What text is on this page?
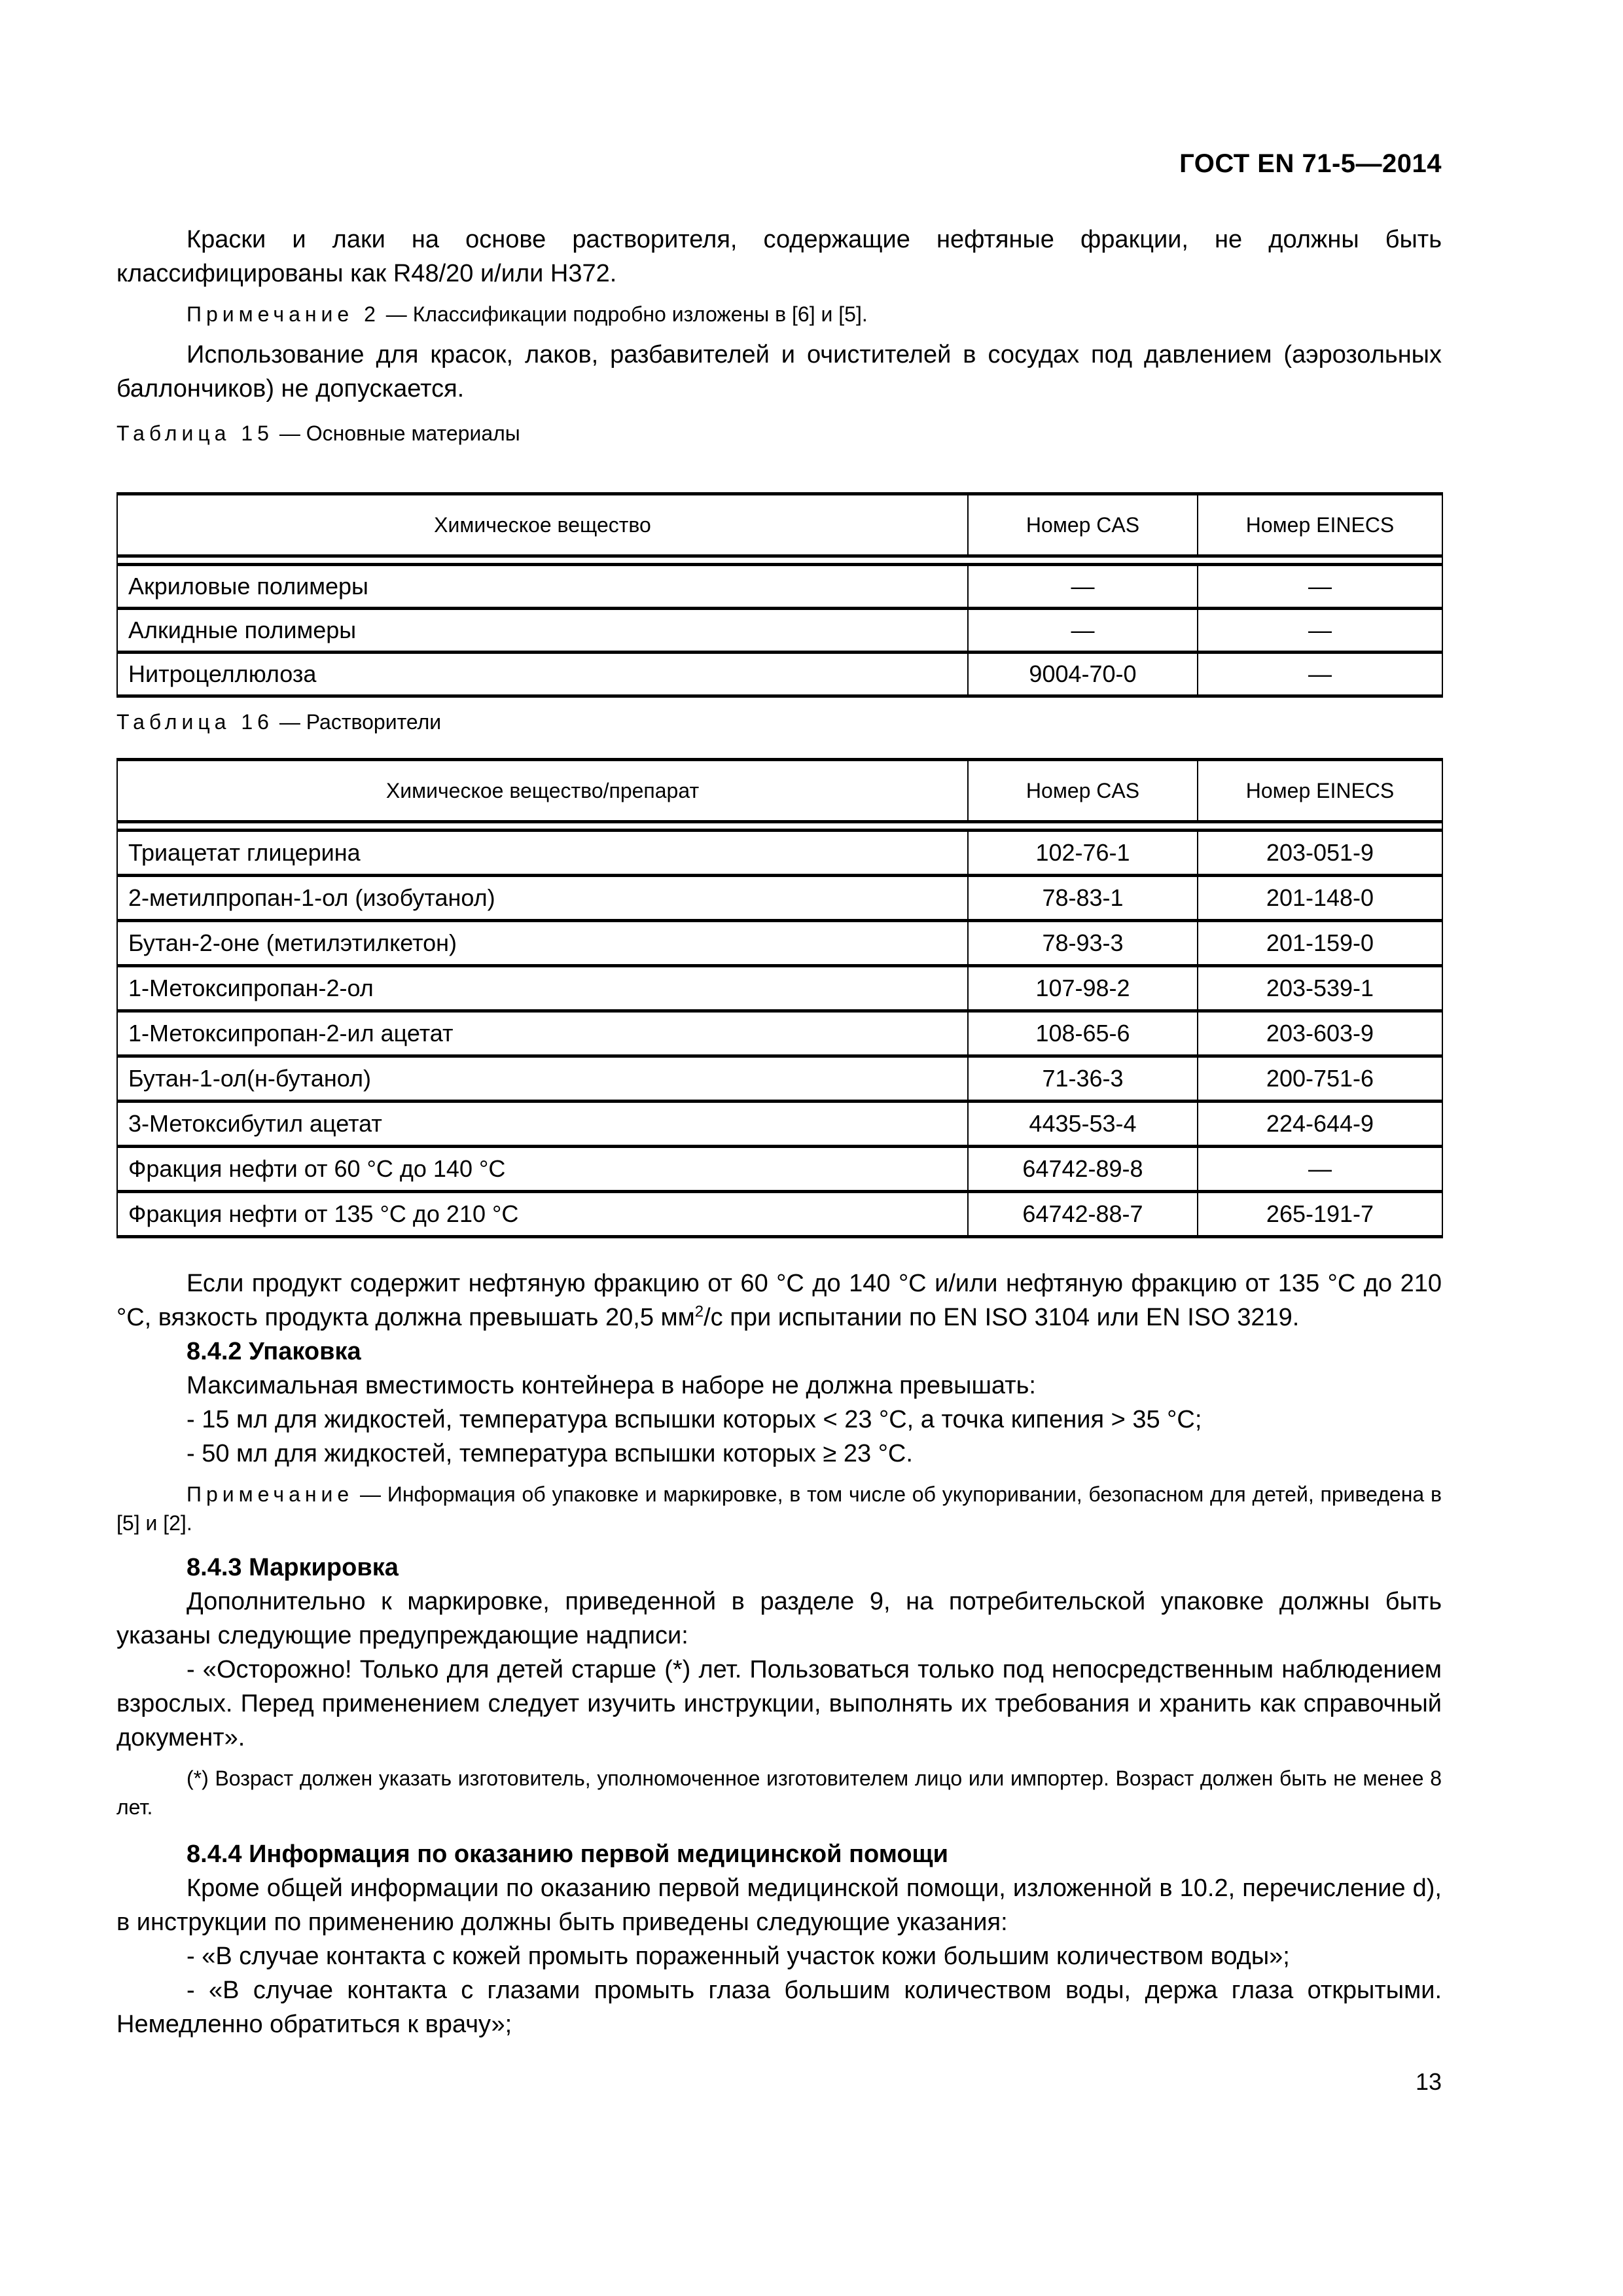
ГОСТ EN 71-5—2014
Краски и лаки на основе растворителя, содержащие нефтяные фракции, не должны быть классифицированы как R48/20 и/или H372.
Примечание 2 — Классификации подробно изложены в [6] и [5].
Использование для красок, лаков, разбавителей и очистителей в сосудах под давлением (аэрозольных баллончиков) не допускается.
Таблица 15 — Основные материалы
Химическое вещество	Номер CAS	Номер EINECS

Акриловые полимеры	—	—
Алкидные полимеры	—	—
Нитроцеллюлоза	9004-70-0	—
Таблица 16 — Растворители
Химическое вещество/препарат	Номер CAS	Номер EINECS

Триацетат глицерина	102-76-1	203-051-9
2-метилпропан-1-ол (изобутанол)	78-83-1	201-148-0
Бутан-2-оне (метилэтилкетон)	78-93-3	201-159-0
1-Метоксипропан-2-ол	107-98-2	203-539-1
1-Метоксипропан-2-ил ацетат	108-65-6	203-603-9
Бутан-1-ол(н-бутанол)	71-36-3	200-751-6
3-Метоксибутил ацетат	4435-53-4	224-644-9
Фракция нефти от 60 °С до 140 °С	64742-89-8	—
Фракция нефти от 135 °С до 210 °С	64742-88-7	265-191-7
Если продукт содержит нефтяную фракцию от 60 °С до 140 °С и/или нефтяную фракцию от 135 °С до 210 °С, вязкость продукта должна превышать 20,5 $мм^2/с$ при испытании по EN ISO 3104 или EN ISO 3219.
8.4.2 Упаковка
Максимальная вместимость контейнера в наборе не должна превышать:
- 15 мл для жидкостей, температура вспышки которых < 23 °С, а точка кипения > 35 °С;
- 50 мл для жидкостей, температура вспышки которых ≥ 23 °С.
Примечание — Информация об упаковке и маркировке, в том числе об укупоривании, безопасном для детей, приведена в [5] и [2].
8.4.3 Маркировка
Дополнительно к маркировке, приведенной в разделе 9, на потребительской упаковке должны быть указаны следующие предупреждающие надписи:
- «Осторожно! Только для детей старше (*) лет. Пользоваться только под непосредственным наблюдением взрослых. Перед применением следует изучить инструкции, выполнять их требования и хранить как справочный документ».
(*) Возраст должен указать изготовитель, уполномоченное изготовителем лицо или импортер. Возраст должен быть не менее 8 лет.
8.4.4 Информация по оказанию первой медицинской помощи
Кроме общей информации по оказанию первой медицинской помощи, изложенной в 10.2, перечисление d), в инструкции по применению должны быть приведены следующие указания:
- «В случае контакта с кожей промыть пораженный участок кожи большим количеством воды»;
- «В случае контакта с глазами промыть глаза большим количеством воды, держа глаза открытыми. Немедленно обратиться к врачу»;
13
